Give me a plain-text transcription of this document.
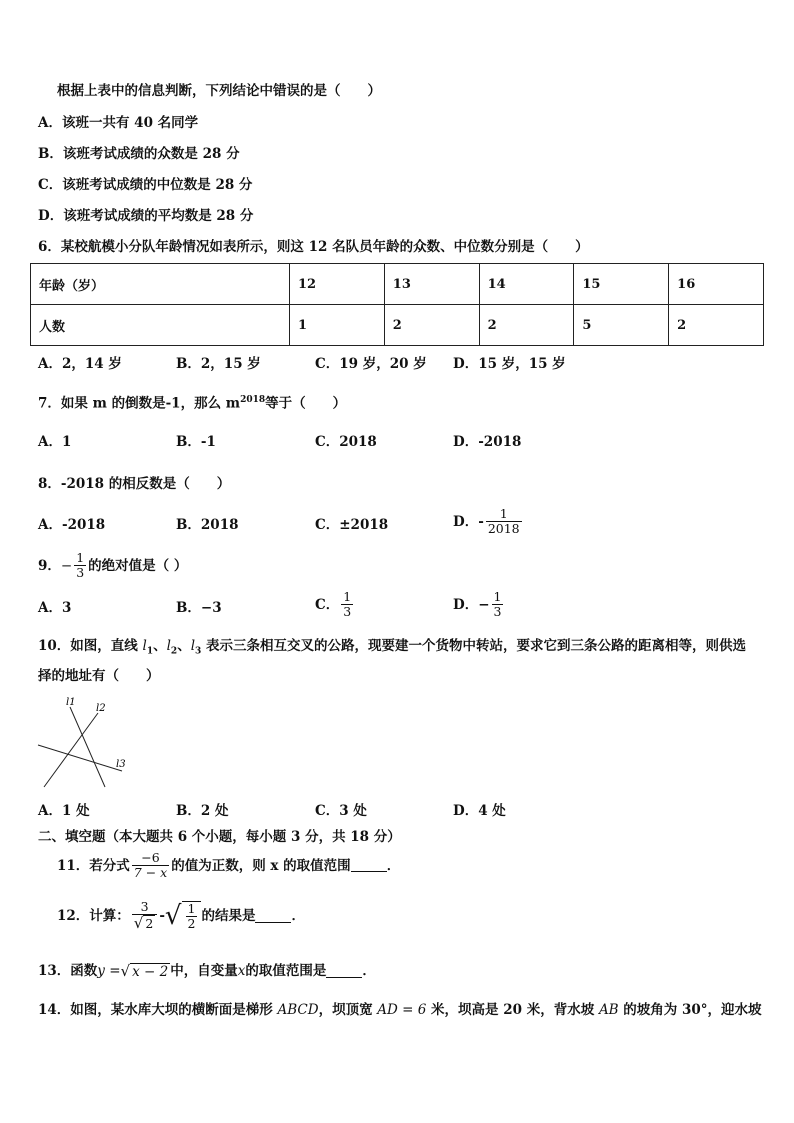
根据上表中的信息判断，下列结论中错误的是（　　）
A．该班一共有 40 名同学
B．该班考试成绩的众数是 28 分
C．该班考试成绩的中位数是 28 分
D．该班考试成绩的平均数是 28 分
6．某校航模小分队年龄情况如表所示，则这 12 名队员年龄的众数、中位数分别是（　　）
年龄（岁）	12	13	14	15	16
人数	1	2	2	5	2
A．2，14 岁	B．2，15 岁	C．19 岁，20 岁 D．15 岁，15 岁
7．如果 m 的倒数是-1，那么 $m^{2018}$等于（　　）
A．1	B．-1	C．2018	D．-2018
8．-2018 的相反数是（　　）
A．-2018	B．2018	C．±2018	D．- $\frac{1}{2018}$
9． − $\frac{1}{3}$ 的绝对值是（ ）
A．3	B．−3	C． $\frac{1}{3}$	D．− $\frac{1}{3}$
10．如图，直线 $l_1$、$l_2$、$l_3$ 表示三条相互交叉的公路，现要建一个货物中转站，要求它到三条公路的距离相等，则供选
择的地址有（　　）
l1
l2
l3
A．1 处	B．2 处	C．3 处	D．4 处
二、填空题（本大题共 6 个小题，每小题 3 分，共 18 分）
11．若分式 $\frac{-6}{7 - x}$ 的值为正数，则 x 的取值范围	．
12．计算： $\frac{3}{√ 2}$ - √ $\frac{1}{2}$ 的结果是	．
13．函数 y = √ x − 2 中，自变量 x 的取值范围是	．
14．如图，某水库大坝的横断面是梯形 ABCD，坝顶宽 AD = 6 米，坝高是 20 米，背水坡 AB 的坡角为 30°，迎水坡
